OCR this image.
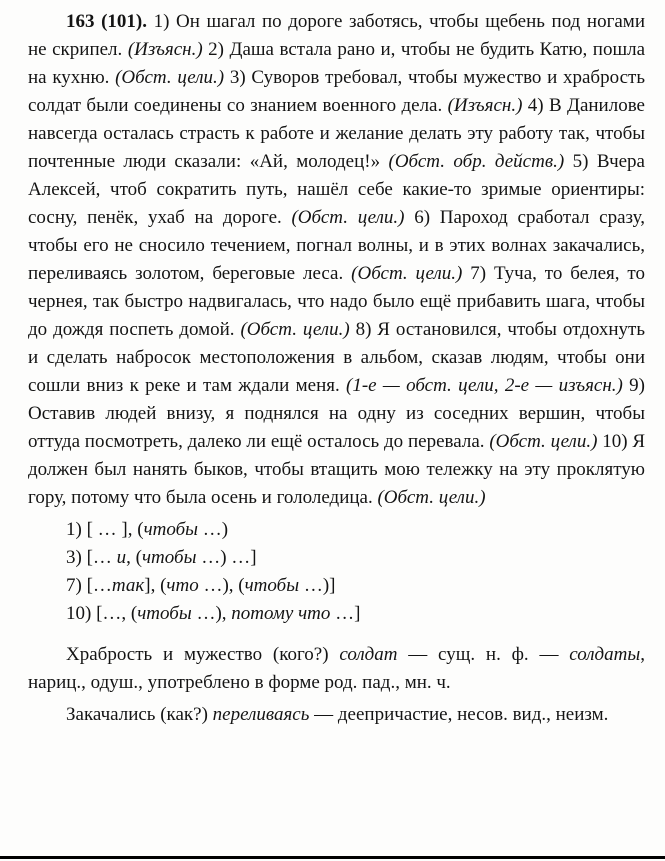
163 (101). 1) Он шагал по дороге заботясь, чтобы щебень под ногами не скрипел. (Изъясн.) 2) Даша встала рано и, чтобы не будить Катю, пошла на кухню. (Обст. цели.) 3) Суворов требовал, чтобы мужество и храбрость солдат были соединены со знанием военного дела. (Изъясн.) 4) В Данилове навсегда осталась страсть к работе и желание делать эту работу так, чтобы почтенные люди сказали: «Ай, молодец!» (Обст. обр. действ.) 5) Вчера Алексей, чтоб сократить путь, нашёл себе какие-то зримые ориентиры: сосну, пенёк, ухаб на дороге. (Обст. цели.) 6) Пароход сработал сразу, чтобы его не сносило течением, погнал волны, и в этих волнах закачались, переливаясь золотом, береговые леса. (Обст. цели.) 7) Туча, то белея, то чернея, так быстро надвигалась, что надо было ещё прибавить шага, чтобы до дождя поспеть домой. (Обст. цели.) 8) Я остановился, чтобы отдохнуть и сделать набросок местоположения в альбом, сказав людям, чтобы они сошли вниз к реке и там ждали меня. (1-е — обст. цели, 2-е — изъясн.) 9) Оставив людей внизу, я поднялся на одну из соседних вершин, чтобы оттуда посмотреть, далеко ли ещё осталось до перевала. (Обст. цели.) 10) Я должен был нанять быков, чтобы втащить мою тележку на эту проклятую гору, потому что была осень и гололедица. (Обст. цели.)

1) [ … ], (чтобы …)

3) [… и, (чтобы …) …]

7) […так], (что …), (чтобы …)]

10) […, (чтобы …), потому что …]

Храбрость и мужество (кого?) солдат — сущ. н. ф. — солдаты, нариц., одуш., употреблено в форме род. пад., мн. ч.

Закачались (как?) переливаясь — деепричастие, несов. вид., неизм.
